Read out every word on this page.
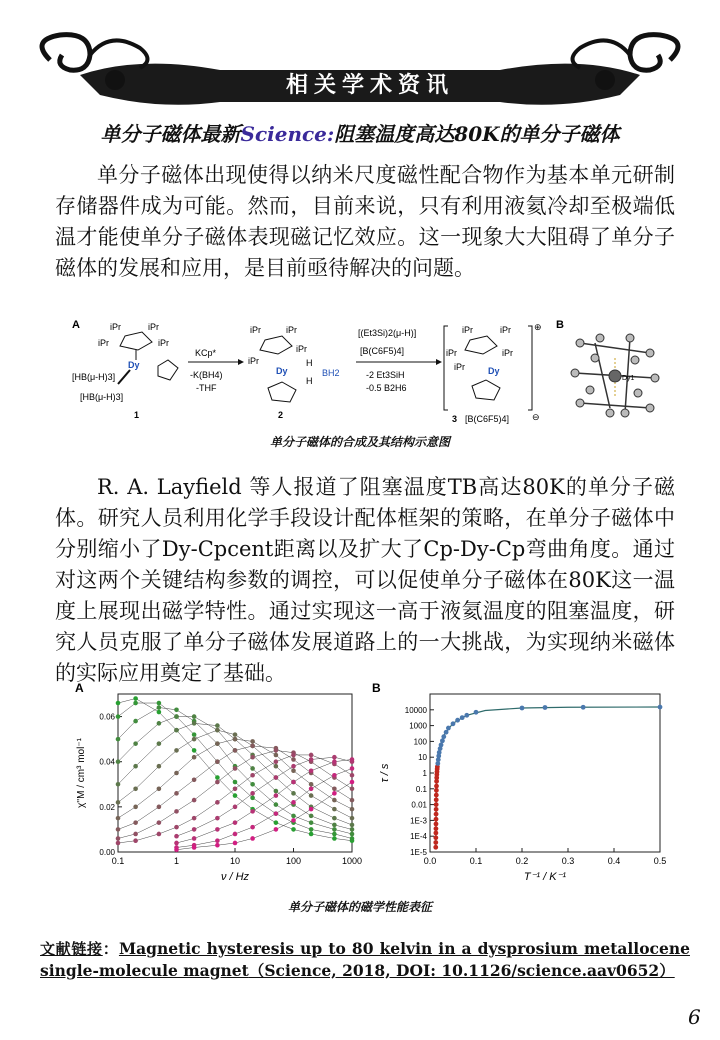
相关学术资讯
单分子磁体最新Science:阻塞温度高达80K的单分子磁体
单分子磁体出现使得以纳米尺度磁性配合物作为基本单元研制存储器件成为可能。然而，目前来说，只有利用液氦冷却至极端低温才能使单分子磁体表现磁记忆效应。这一现象大大阻碍了单分子磁体的发展和应用，是目前亟待解决的问题。
A	iPr	iPr
iPr	iPr
Dy
[HB(μ-H)3]
[HB(μ-H)3]
1
KCp*
-K(BH4)
-THF
iPr	iPr
iPr
iPr
Dy
H
H
BH2
2
[(Et3Si)2(μ-H)]
[B(C6F5)4]
-2 Et3SiH
-0.5 B2H6
⊕
iPr	iPr
iPr	iPr
iPr	Dy
3 [B(C6F5)4]	⊖
B
Dy1
单分子磁体的合成及其结构示意图
R. A. Layfield 等人报道了阻塞温度TB高达80K的单分子磁体。研究人员利用化学手段设计配体框架的策略，在单分子磁体中分别缩小了Dy-Cpcent距离以及扩大了Cp-Dy-Cp弯曲角度。通过对这两个关键结构参数的调控，可以促使单分子磁体在80K这一温度上展现出磁学特性。通过实现这一高于液氦温度的阻塞温度，研究人员克服了单分子磁体发展道路上的一大挑战，为实现纳米磁体的实际应用奠定了基础。
A	B
0.1	1	10	100	1000
0.00
0.02
0.04
0.06
ν / Hz
χ''M / cm³ mol⁻¹
0.0	0.1	0.2	0.3	0.4	0.5
10000
1000
100
10
1
0.1
0.01
1E-3
1E-4
1E-5
T⁻¹ / K⁻¹
τ / s
单分子磁体的磁学性能表征
文献链接：Magnetic hysteresis up to 80 kelvin in a dysprosium metallocene single-molecule magnet（Science, 2018, DOI: 10.1126/science.aav0652）
6
